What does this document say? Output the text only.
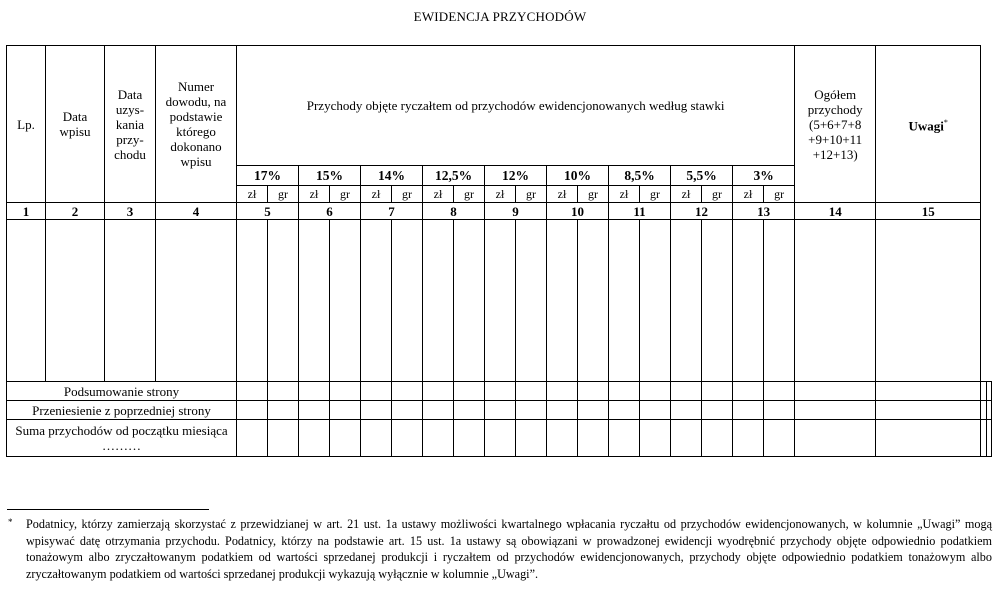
EWIDENCJA PRZYCHODÓW
Lp.	Data wpisu	Data uzys-kania przy-chodu	Numer dowodu, na podstawie którego dokonano wpisu	Przychody objęte ryczałtem od przychodów ewidencjonowanych według stawki																		Ogółem przychody (5+6+7+8 +9+10+11 +12+13)	Uwagi*
				17%		15%		14%		12,5%		12%		10%		8,5%		5,5%		3%					
				zł	gr	zł	gr	zł	gr	zł	gr	zł	gr	zł	gr	zł	gr	zł	gr	zł	gr				
1	2	3	4	5		6		7		8		9		10		11		12		13		14	15		

Podsumowanie strony																									
Przeniesienie z poprzedniej strony																									
Suma przychodów od początku miesiąca ………																									
* Podatnicy, którzy zamierzają skorzystać z przewidzianej w art. 21 ust. 1a ustawy możliwości kwartalnego wpłacania ryczałtu od przychodów ewidencjonowanych, w kolumnie „Uwagi” mogą wpisywać datę otrzymania przychodu. Podatnicy, którzy na podstawie art. 15 ust. 1a ustawy są obowiązani w prowadzonej ewidencji wyodrębnić przychody objęte odpowiednio podatkiem tonażowym albo zryczałtowanym podatkiem od wartości sprzedanej produkcji i ryczałtem od przychodów ewidencjonowanych, przychody objęte odpowiednio podatkiem tonażowym albo zryczałtowanym podatkiem od wartości sprzedanej produkcji wykazują wyłącznie w kolumnie „Uwagi”.
